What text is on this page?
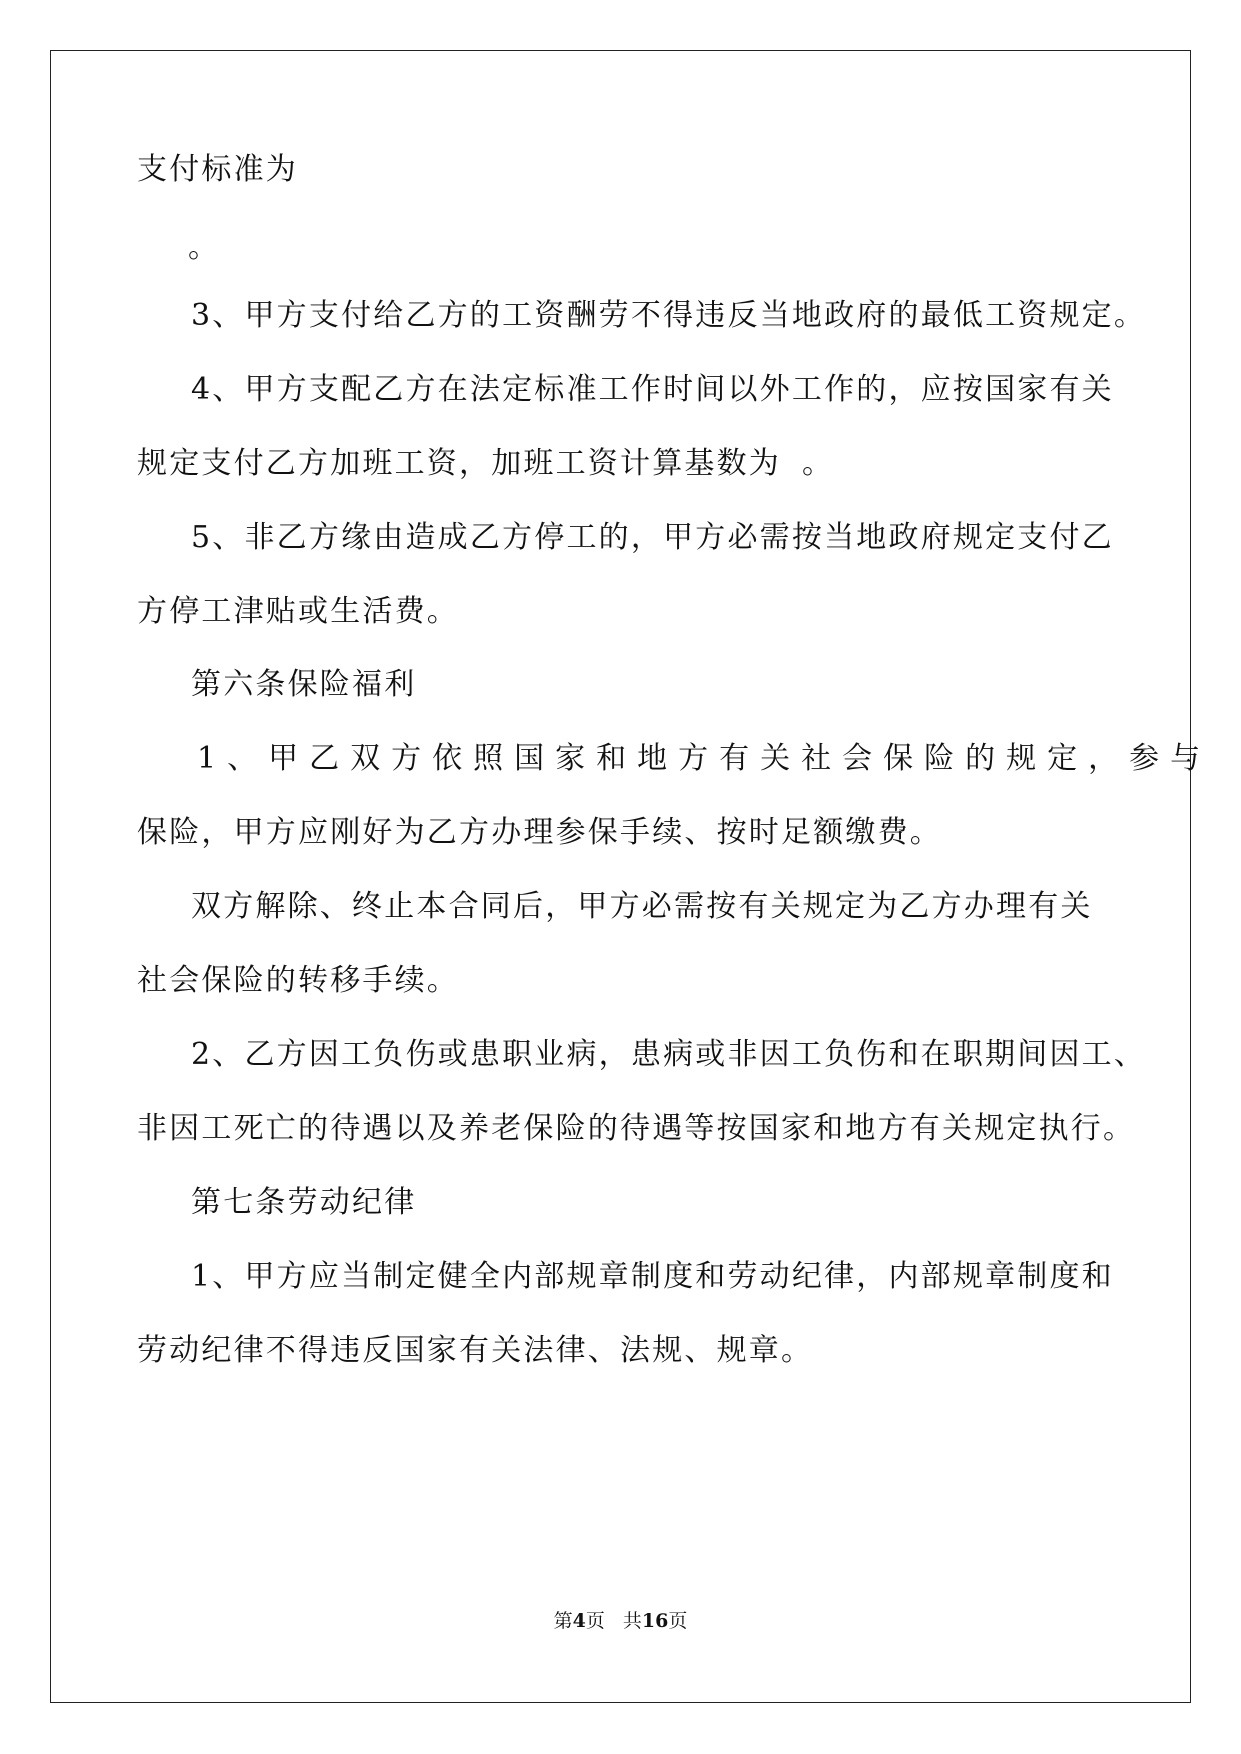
支付标准为
。
3、甲方支付给乙方的工资酬劳不得违反当地政府的最低工资规定。
4、甲方支配乙方在法定标准工作时间以外工作的，应按国家有关
规定支付乙方加班工资，加班工资计算基数为 。
5、非乙方缘由造成乙方停工的，甲方必需按当地政府规定支付乙
方停工津贴或生活费。
第六条保险福利
1、甲乙双方依照国家和地方有关社会保险的规定，参与
保险，甲方应刚好为乙方办理参保手续、按时足额缴费。
双方解除、终止本合同后，甲方必需按有关规定为乙方办理有关
社会保险的转移手续。
2、乙方因工负伤或患职业病，患病或非因工负伤和在职期间因工、
非因工死亡的待遇以及养老保险的待遇等按国家和地方有关规定执行。
第七条劳动纪律
1、甲方应当制定健全内部规章制度和劳动纪律，内部规章制度和
劳动纪律不得违反国家有关法律、法规、规章。
第4页 共16页
